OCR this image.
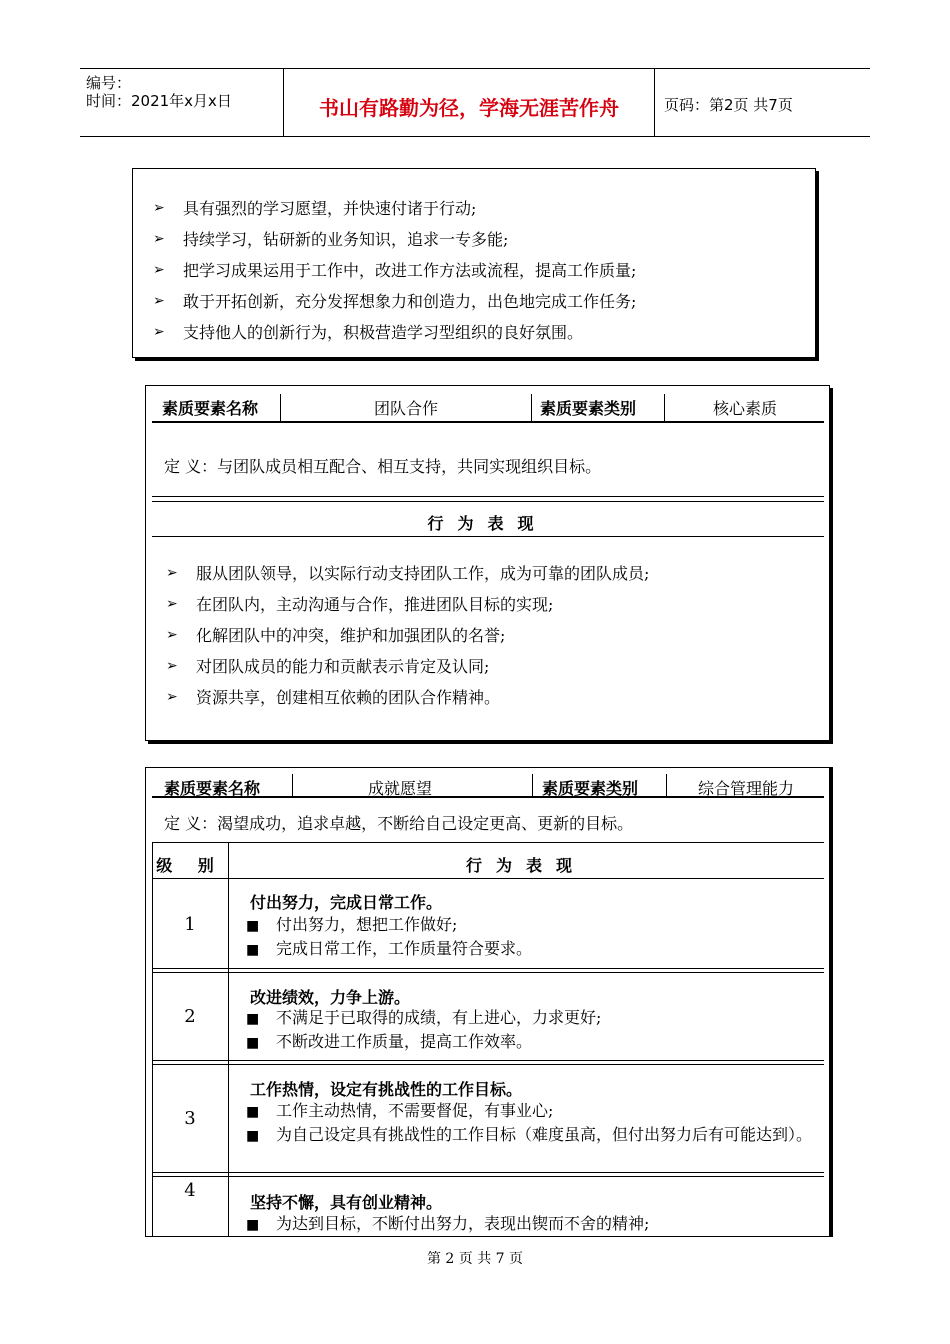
编号：
时间：2021年x月x日	书山有路勤为径，学海无涯苦作舟	页码：第2页 共7页
➢ 具有强烈的学习愿望，并快速付诸于行动;
➢ 持续学习，钻研新的业务知识，追求一专多能;
➢ 把学习成果运用于工作中，改进工作方法或流程，提高工作质量;
➢ 敢于开拓创新，充分发挥想象力和创造力，出色地完成工作任务;
➢ 支持他人的创新行为，积极营造学习型组织的良好氛围。
素质要素名称	团队合作	素质要素类别	核心素质
定 义：与团队成员相互配合、相互支持，共同实现组织目标。
行为表现
➢ 服从团队领导，以实际行动支持团队工作，成为可靠的团队成员;
➢ 在团队内，主动沟通与合作，推进团队目标的实现;
➢ 化解团队中的冲突，维护和加强团队的名誉;
➢ 对团队成员的能力和贡献表示肯定及认同;
➢ 资源共享，创建相互依赖的团队合作精神。
素质要素名称	成就愿望	素质要素类别	综合管理能力
定 义：渴望成功，追求卓越，不断给自己设定更高、更新的目标。
级 别	行为表现
1
付出努力，完成日常工作。
■ 付出努力，想把工作做好;
■ 完成日常工作，工作质量符合要求。
2
改进绩效，力争上游。
■ 不满足于已取得的成绩，有上进心，力求更好;
■ 不断改进工作质量，提高工作效率。
3
工作热情，设定有挑战性的工作目标。
■ 工作主动热情，不需要督促，有事业心;
■ 为自己设定具有挑战性的工作目标（难度虽高，但付出努力后有可能达到）。
4
坚持不懈，具有创业精神。
■ 为达到目标，不断付出努力，表现出锲而不舍的精神;
第 2 页 共 7 页
